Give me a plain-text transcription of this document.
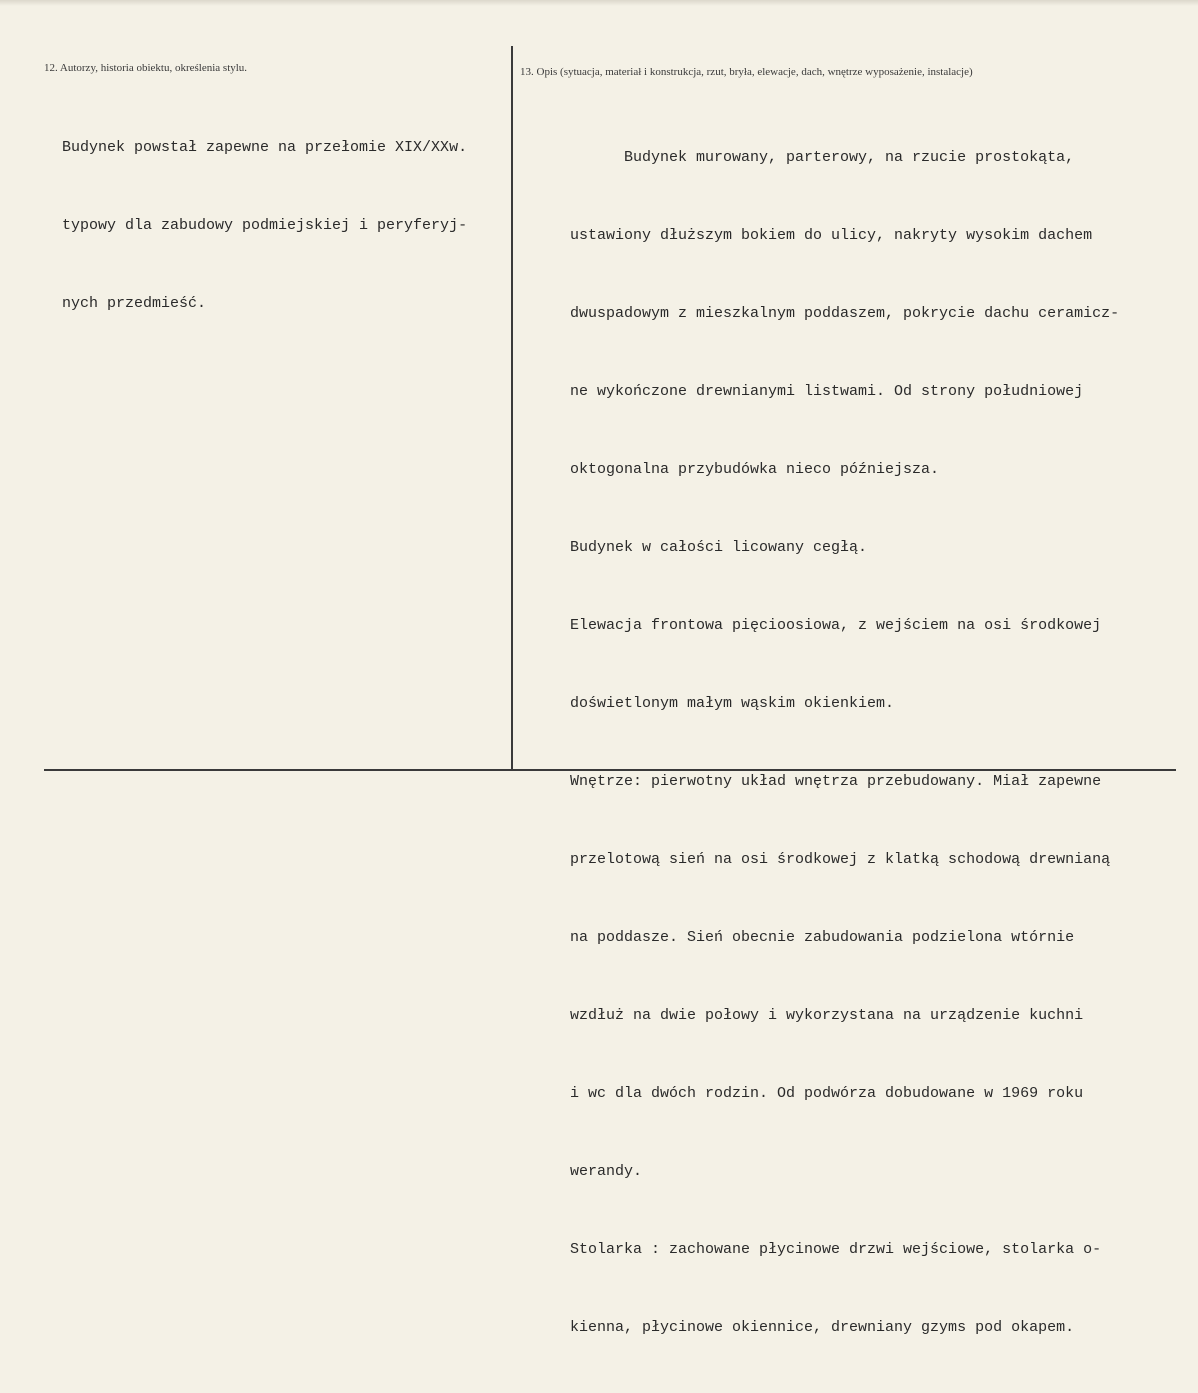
12. Autorzy, historia obiektu, określenia stylu.	13. Opis (sytuacja, materiał i konstrukcja, rzut, bryła, elewacje, dach, wnętrze wyposażenie, instalacje)

Budynek powstał zapewne na przełomie XIX/XXw.

typowy dla zabudowy podmiejskiej i peryferyj-

nych przedmieść.

Budynek murowany, parterowy, na rzucie prostokąta,

ustawiony dłuższym bokiem do ulicy, nakryty wysokim dachem

dwuspadowym z mieszkalnym poddaszem, pokrycie dachu ceramicz-

ne wykończone drewnianymi listwami. Od strony południowej

oktogonalna przybudówka nieco późniejsza.

Budynek w całości licowany cegłą.

Elewacja frontowa pięcioosiowa, z wejściem na osi środkowej

doświetlonym małym wąskim okienkiem.

Wnętrze: pierwotny układ wnętrza przebudowany. Miał zapewne

przelotową sień na osi środkowej z klatką schodową drewnianą

na poddasze. Sień obecnie zabudowania podzielona wtórnie

wzdłuż na dwie połowy i wykorzystana na urządzenie kuchni

i wc dla dwóch rodzin. Od podwórza dobudowane w 1969 roku

werandy.

Stolarka : zachowane płycinowe drzwi wejściowe, stolarka o-

kienna, płycinowe okiennice, drewniany gzyms pod okapem.
